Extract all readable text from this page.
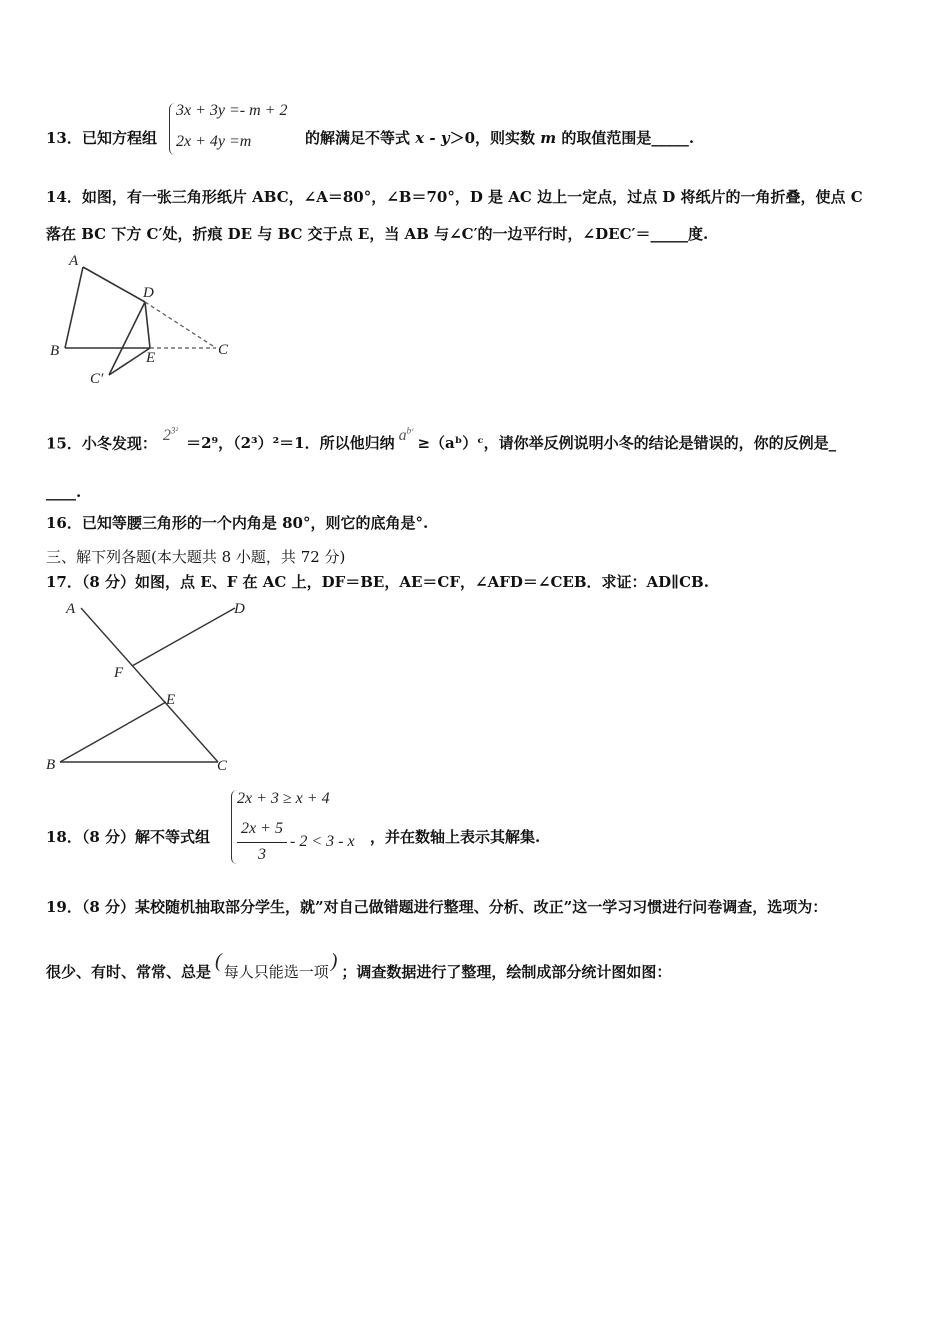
13． 已知方程组
3x + 3y =- m + 2
2x + 4y =m	的解满足不等式 x - y＞0，则实数 m 的取值范围是_____.
14．如图，有一张三角形纸片 ABC，∠A＝80°，∠B＝70°，D 是 AC 边上一定点，过点 D 将纸片的一角折叠，使点 C
落在 BC 下方 C′处，折痕 DE 与 BC 交于点 E，当 AB 与∠C′的一边平行时，∠DEC′＝_____度.
A
B	C
D
E
C′
15．小冬发现： $2^{3^2}=2^9$，（2³）²＝1．所以他归纳 $a^{bᶜ}\ge(aᵇ)ᶜ$，请你举反例说明小冬的结论是错误的，你的反例是_
____.
16．已知等腰三角形的一个内角是 80°，则它的底角是°.
三、解下列各题(本大题共 8 小题，共 72 分)
17．（8 分）如图，点 E、F 在 AC 上，DF＝BE，AE＝CF，∠AFD＝∠CEB．求证：AD∥CB.
A	D
F
E
B	C
18．（8 分）解不等式组
2x + 3 ≥ x + 4
2x + 5
3
- 2 < 3 - x ，并在数轴上表示其解集.
19．（8 分）某校随机抽取部分学生，就”对自己做错题进行整理、分析、改正”这一学习习惯进行问卷调查，选项为：
很少、有时、常常、总是 ( 每人只能选一项 ) ；调查数据进行了整理，绘制成部分统计图如图：
